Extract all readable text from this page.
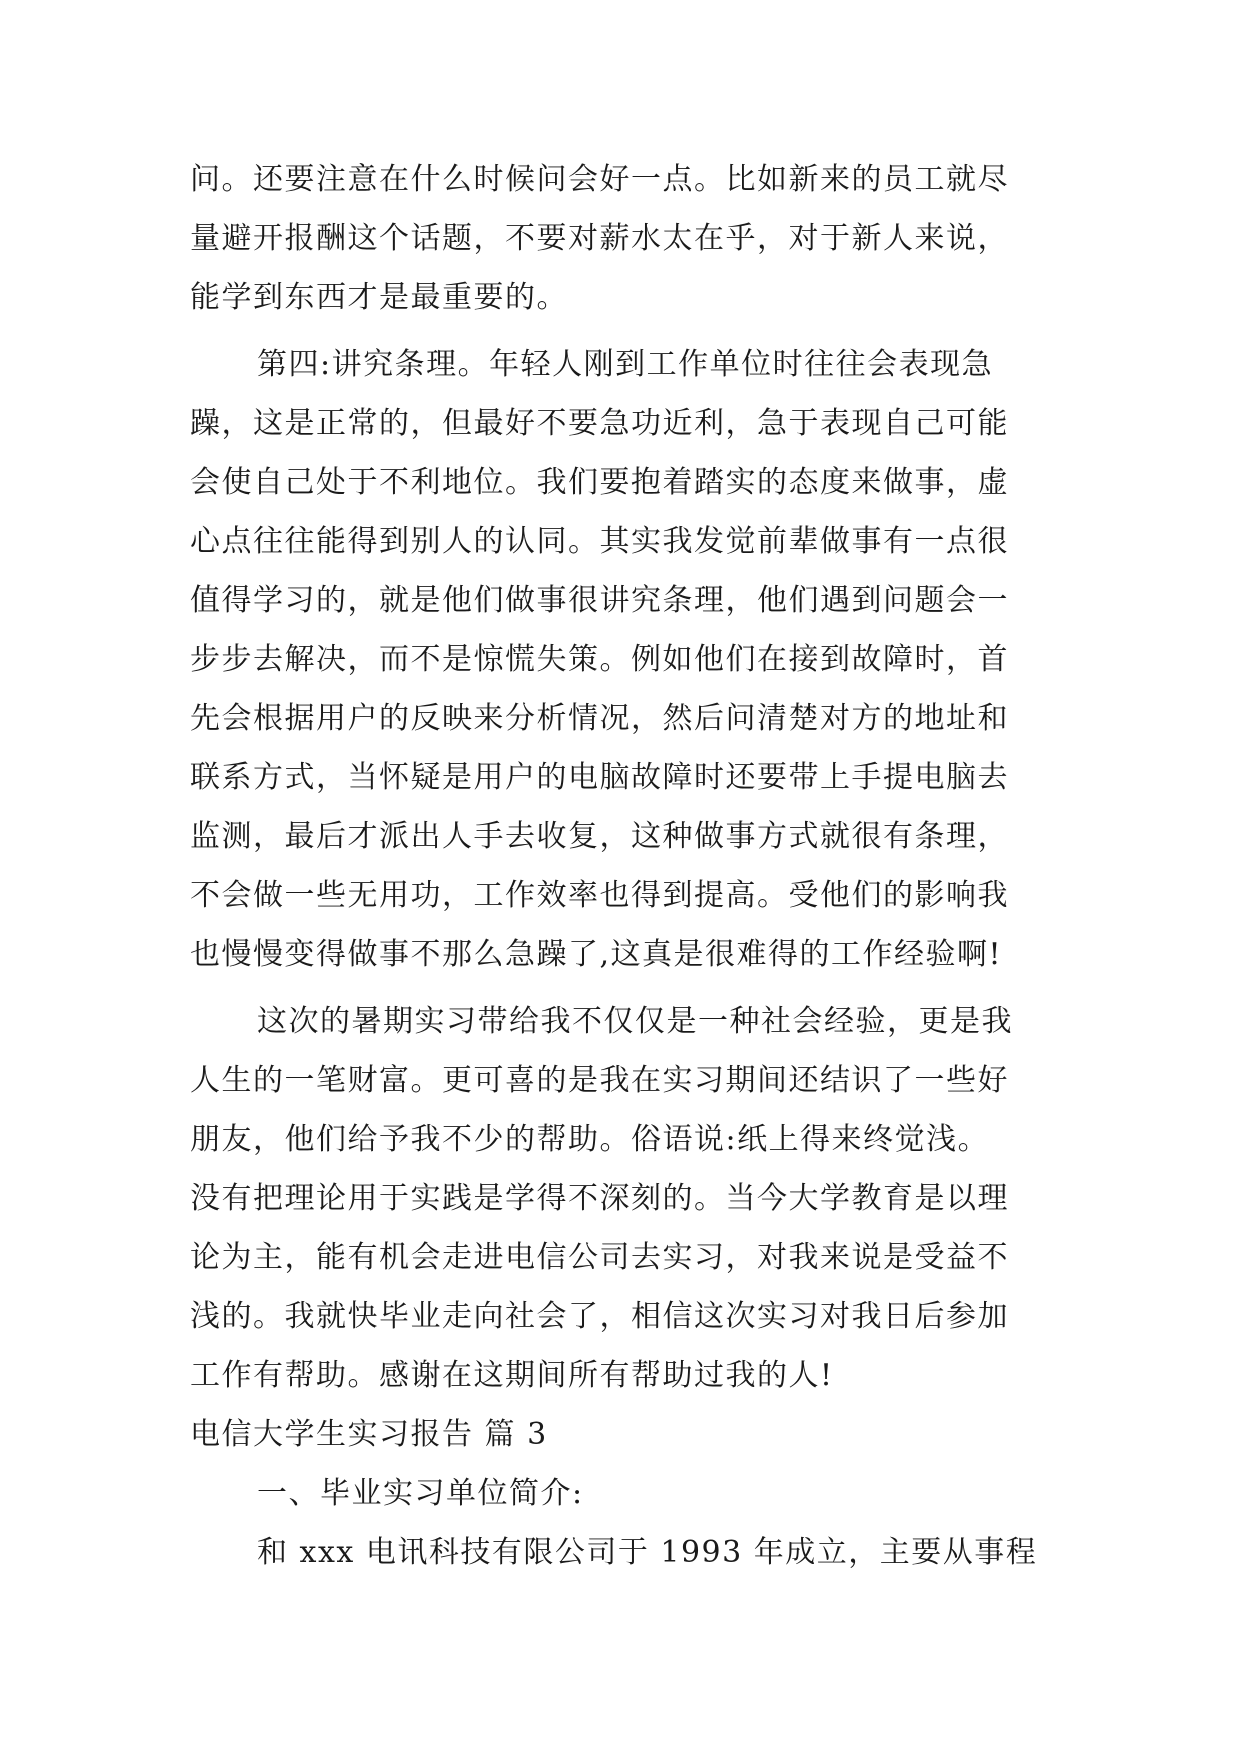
问。还要注意在什么时候问会好一点。比如新来的员工就尽
量避开报酬这个话题，不要对薪水太在乎，对于新人来说，
能学到东西才是最重要的。
第四:讲究条理。年轻人刚到工作单位时往往会表现急
躁，这是正常的，但最好不要急功近利，急于表现自己可能
会使自己处于不利地位。我们要抱着踏实的态度来做事，虚
心点往往能得到别人的认同。其实我发觉前辈做事有一点很
值得学习的，就是他们做事很讲究条理，他们遇到问题会一
步步去解决，而不是惊慌失策。例如他们在接到故障时，首
先会根据用户的反映来分析情况，然后问清楚对方的地址和
联系方式，当怀疑是用户的电脑故障时还要带上手提电脑去
监测，最后才派出人手去收复，这种做事方式就很有条理，
不会做一些无用功，工作效率也得到提高。受他们的影响我
也慢慢变得做事不那么急躁了,这真是很难得的工作经验啊!
这次的暑期实习带给我不仅仅是一种社会经验，更是我
人生的一笔财富。更可喜的是我在实习期间还结识了一些好
朋友，他们给予我不少的帮助。俗语说:纸上得来终觉浅。
没有把理论用于实践是学得不深刻的。当今大学教育是以理
论为主，能有机会走进电信公司去实习，对我来说是受益不
浅的。我就快毕业走向社会了，相信这次实习对我日后参加
工作有帮助。感谢在这期间所有帮助过我的人!
电信大学生实习报告 篇 3
一、毕业实习单位简介:
和 xxx 电讯科技有限公司于 1993 年成立，主要从事程
